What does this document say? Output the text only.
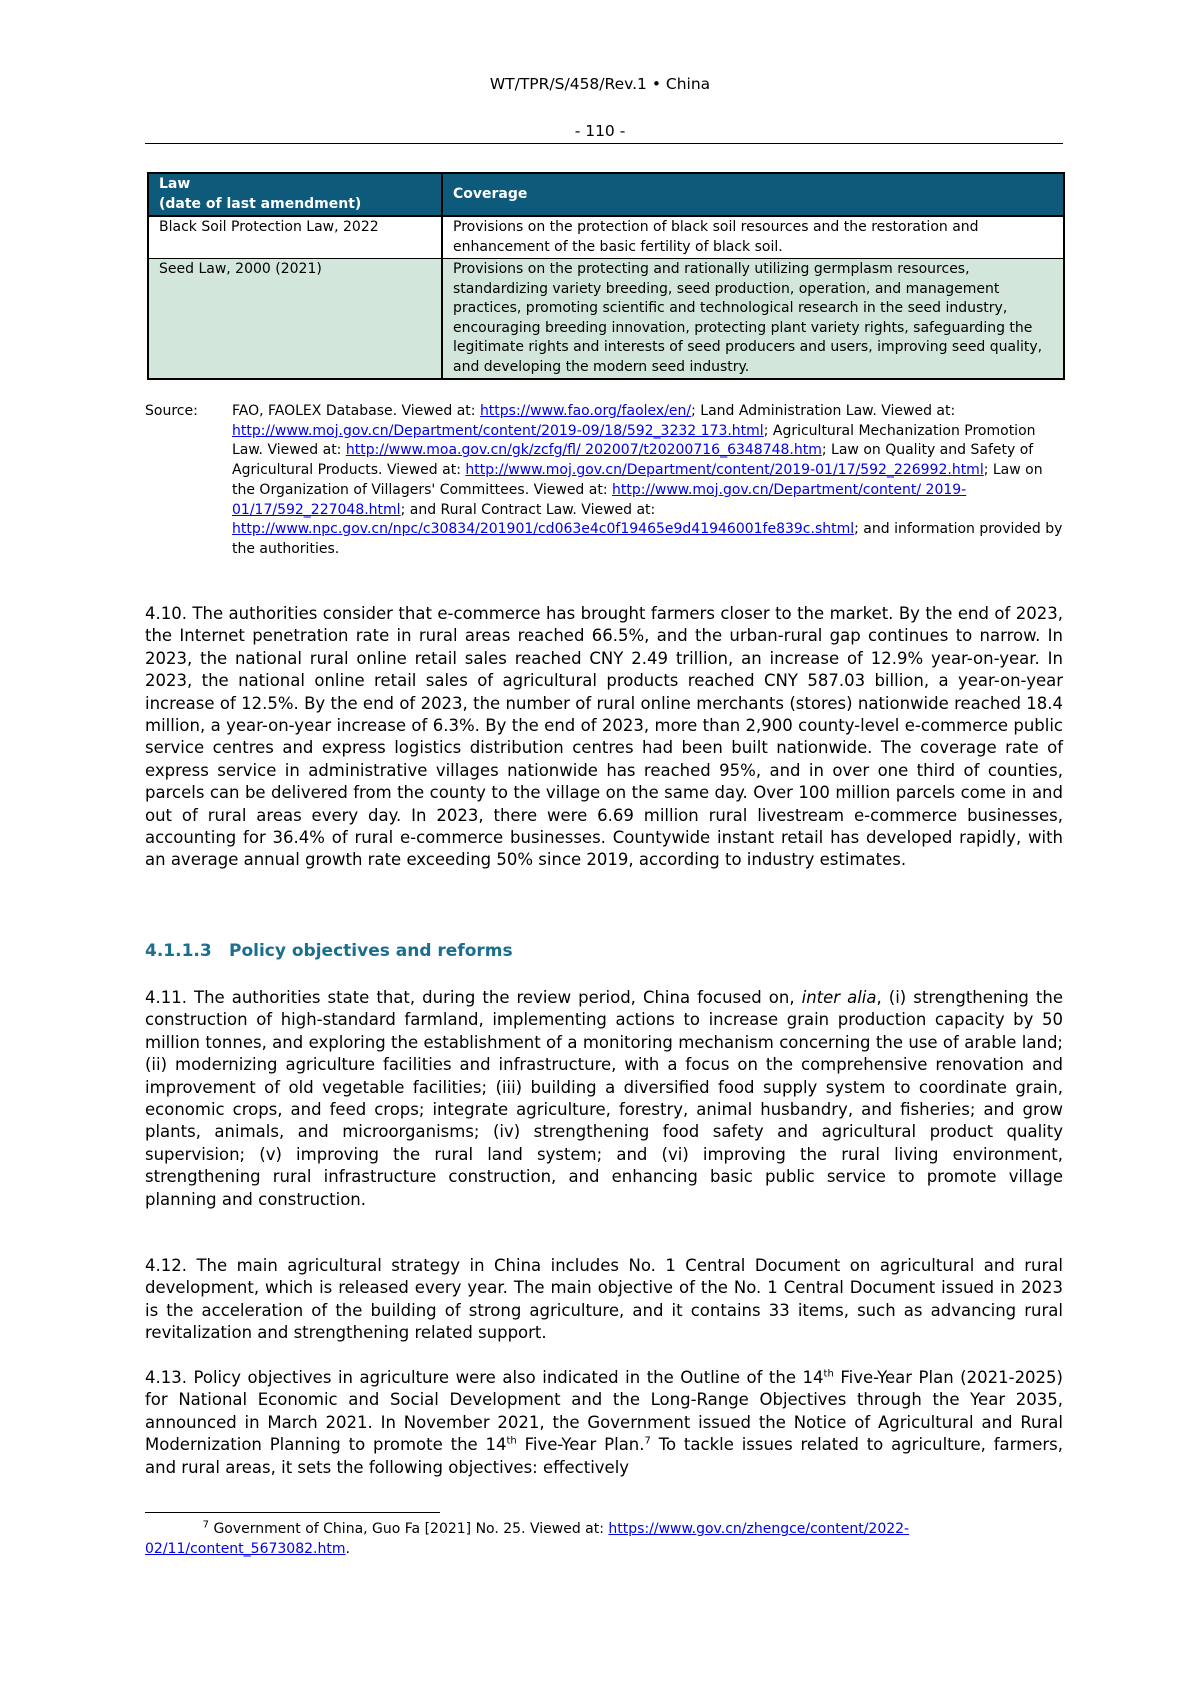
WT/TPR/S/458/Rev.1 • China
- 110 -
Law
(date of last amendment)	Coverage
Black Soil Protection Law, 2022	Provisions on the protection of black soil resources and the restoration and enhancement of the basic fertility of black soil.
Seed Law, 2000 (2021)	Provisions on the protecting and rationally utilizing germplasm resources, standardizing variety breeding, seed production, operation, and management practices, promoting scientific and technological research in the seed industry, encouraging breeding innovation, protecting plant variety rights, safeguarding the legitimate rights and interests of seed producers and users, improving seed quality, and developing the modern seed industry.
Source:	FAO, FAOLEX Database. Viewed at: https://www.fao.org/faolex/en/; Land Administration Law. Viewed at: http://www.moj.gov.cn/Department/content/2019-09/18/592_3232 173.html; Agricultural Mechanization Promotion Law. Viewed at: http://www.moa.gov.cn/gk/zcfg/fl/ 202007/t20200716_6348748.htm; Law on Quality and Safety of Agricultural Products. Viewed at: http://www.moj.gov.cn/Department/content/2019-01/17/592_226992.html; Law on the Organization of Villagers' Committees. Viewed at: http://www.moj.gov.cn/Department/content/ 2019-01/17/592_227048.html; and Rural Contract Law. Viewed at: http://www.npc.gov.cn/npc/c30834/201901/cd063e4c0f19465e9d41946001fe839c.shtml; and information provided by the authorities.
4.10. The authorities consider that e-commerce has brought farmers closer to the market. By the end of 2023, the Internet penetration rate in rural areas reached 66.5%, and the urban-rural gap continues to narrow. In 2023, the national rural online retail sales reached CNY 2.49 trillion, an increase of 12.9% year-on-year. In 2023, the national online retail sales of agricultural products reached CNY 587.03 billion, a year-on-year increase of 12.5%. By the end of 2023, the number of rural online merchants (stores) nationwide reached 18.4 million, a year-on-year increase of 6.3%. By the end of 2023, more than 2,900 county-level e-commerce public service centres and express logistics distribution centres had been built nationwide. The coverage rate of express service in administrative villages nationwide has reached 95%, and in over one third of counties, parcels can be delivered from the county to the village on the same day. Over 100 million parcels come in and out of rural areas every day. In 2023, there were 6.69 million rural livestream e-commerce businesses, accounting for 36.4% of rural e-commerce businesses. Countywide instant retail has developed rapidly, with an average annual growth rate exceeding 50% since 2019, according to industry estimates.
4.1.1.3 Policy objectives and reforms
4.11. The authorities state that, during the review period, China focused on, inter alia, (i) strengthening the construction of high-standard farmland, implementing actions to increase grain production capacity by 50 million tonnes, and exploring the establishment of a monitoring mechanism concerning the use of arable land; (ii) modernizing agriculture facilities and infrastructure, with a focus on the comprehensive renovation and improvement of old vegetable facilities; (iii) building a diversified food supply system to coordinate grain, economic crops, and feed crops; integrate agriculture, forestry, animal husbandry, and fisheries; and grow plants, animals, and microorganisms; (iv) strengthening food safety and agricultural product quality supervision; (v) improving the rural land system; and (vi) improving the rural living environment, strengthening rural infrastructure construction, and enhancing basic public service to promote village planning and construction.
4.12. The main agricultural strategy in China includes No. 1 Central Document on agricultural and rural development, which is released every year. The main objective of the No. 1 Central Document issued in 2023 is the acceleration of the building of strong agriculture, and it contains 33 items, such as advancing rural revitalization and strengthening related support.
4.13. Policy objectives in agriculture were also indicated in the Outline of the 14th Five-Year Plan (2021-2025) for National Economic and Social Development and the Long-Range Objectives through the Year 2035, announced in March 2021. In November 2021, the Government issued the Notice of Agricultural and Rural Modernization Planning to promote the 14th Five-Year Plan.$^7$ To tackle issues related to agriculture, farmers, and rural areas, it sets the following objectives: effectively
$^7$ Government of China, Guo Fa [2021] No. 25. Viewed at: https://www.gov.cn/zhengce/content/2022-02/11/content_5673082.htm.
